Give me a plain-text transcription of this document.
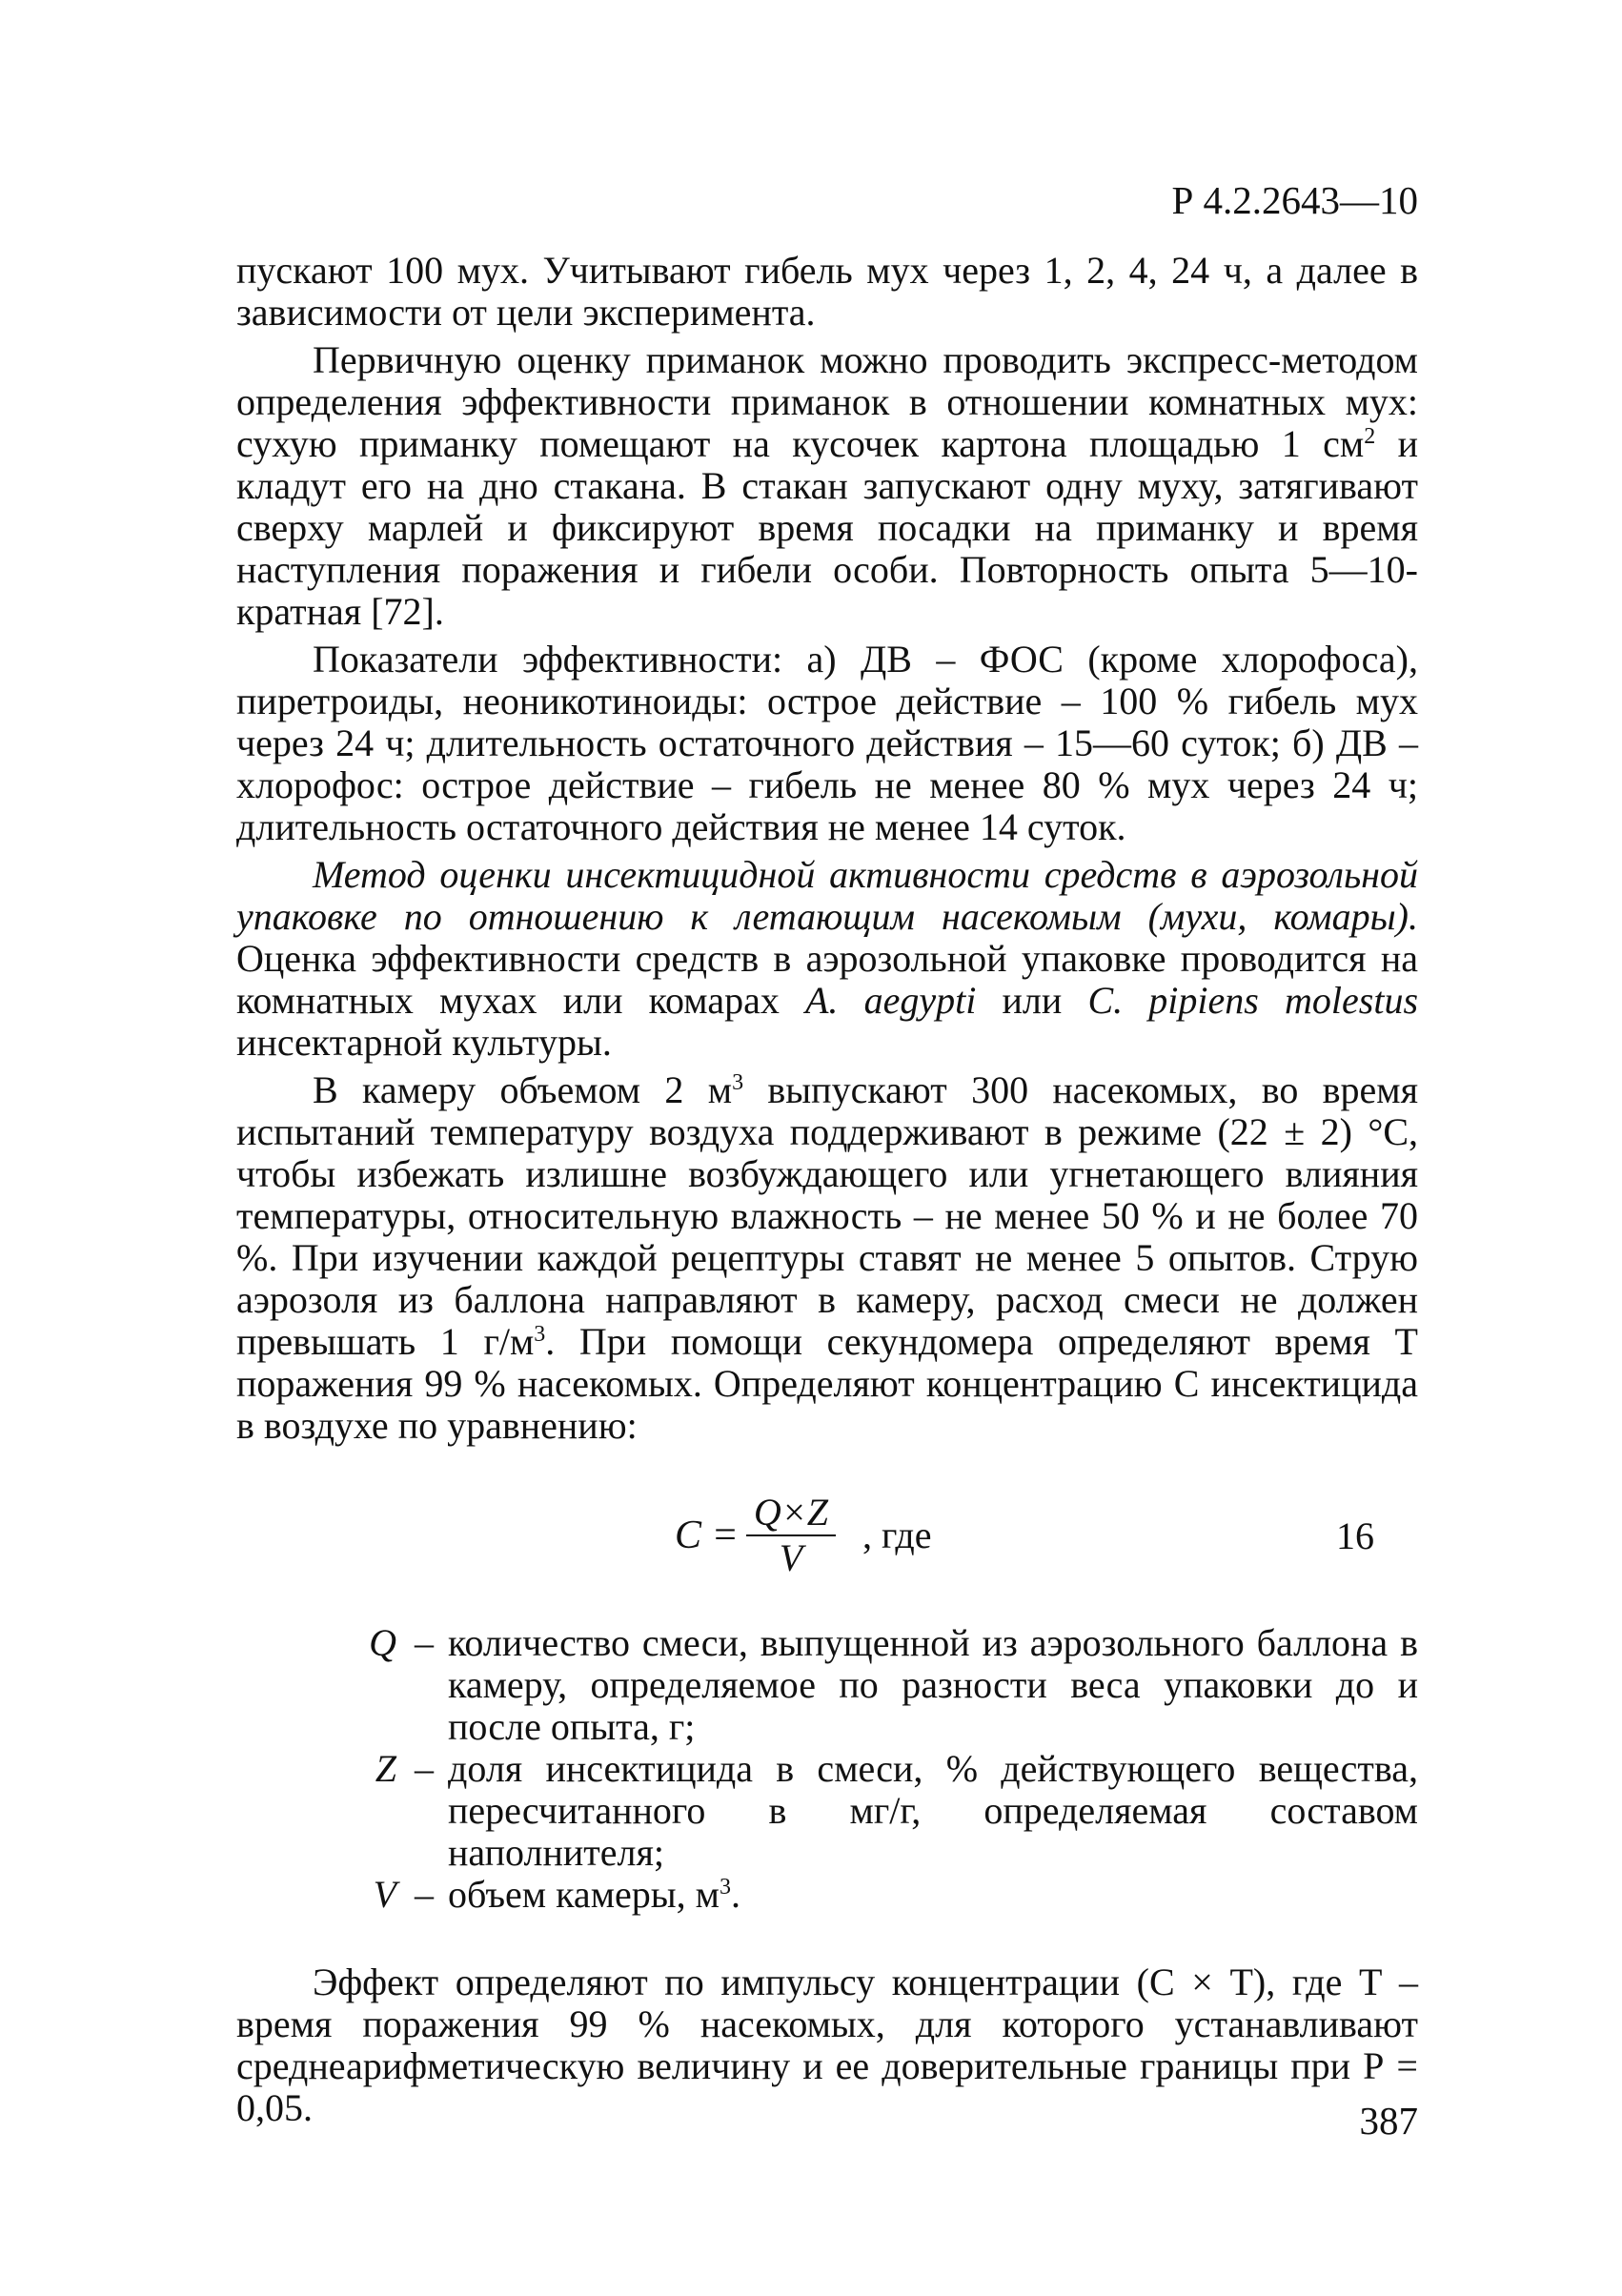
Р 4.2.2643—10

пускают 100 мух. Учитывают гибель мух через 1, 2, 4, 24 ч, а далее в зависимости от цели эксперимента.

Первичную оценку приманок можно проводить экспресс-методом определения эффективности приманок в отношении комнатных мух: сухую приманку помещают на кусочек картона площадью 1 $см^2$ и кладут его на дно стакана. В стакан запускают одну муху, затягивают сверху марлей и фиксируют время посадки на приманку и время наступления поражения и гибели особи. Повторность опыта 5—10-кратная [72].

Показатели эффективности: а) ДВ – ФОС (кроме хлорофоса), пиретроиды, неоникотиноиды: острое действие – 100 % гибель мух через 24 ч; длительность остаточного действия – 15—60 суток; б) ДВ – хлорофос: острое действие – гибель не менее 80 % мух через 24 ч; длительность остаточного действия не менее 14 суток.

Метод оценки инсектицидной активности средств в аэрозольной упаковке по отношению к летающим насекомым (мухи, комары). Оценка эффективности средств в аэрозольной упаковке проводится на комнатных мухах или комарах A. aegypti или C. pipiens molestus инсектарной культуры.

В камеру объемом 2 $м^3$ выпускают 300 насекомых, во время испытаний температуру воздуха поддерживают в режиме (22 ± 2) °С, чтобы избежать излишне возбуждающего или угнетающего влияния температуры, относительную влажность – не менее 50 % и не более 70 %. При изучении каждой рецептуры ставят не менее 5 опытов. Струю аэрозоля из баллона направляют в камеру, расход смеси не должен превышать 1 $г/м^3$. При помощи секундомера определяют время Т поражения 99 % насекомых. Определяют концентрацию С инсектицида в воздухе по уравнению:

$C = \frac{Q\times Z}{V}$ , где	16
Q – количество смеси, выпущенной из аэрозольного баллона в камеру, определяемое по разности веса упаковки до и после опыта, г;
Z – доля инсектицида в смеси, % действующего вещества, пересчитанного в мг/г, определяемая составом наполнителя;
V – объем камеры, $м^3$.

Эффект определяют по импульсу концентрации (С × Т), где Т – время поражения 99 % насекомых, для которого устанавливают среднеарифметическую величину и ее доверительные границы при Р = 0,05.	387
